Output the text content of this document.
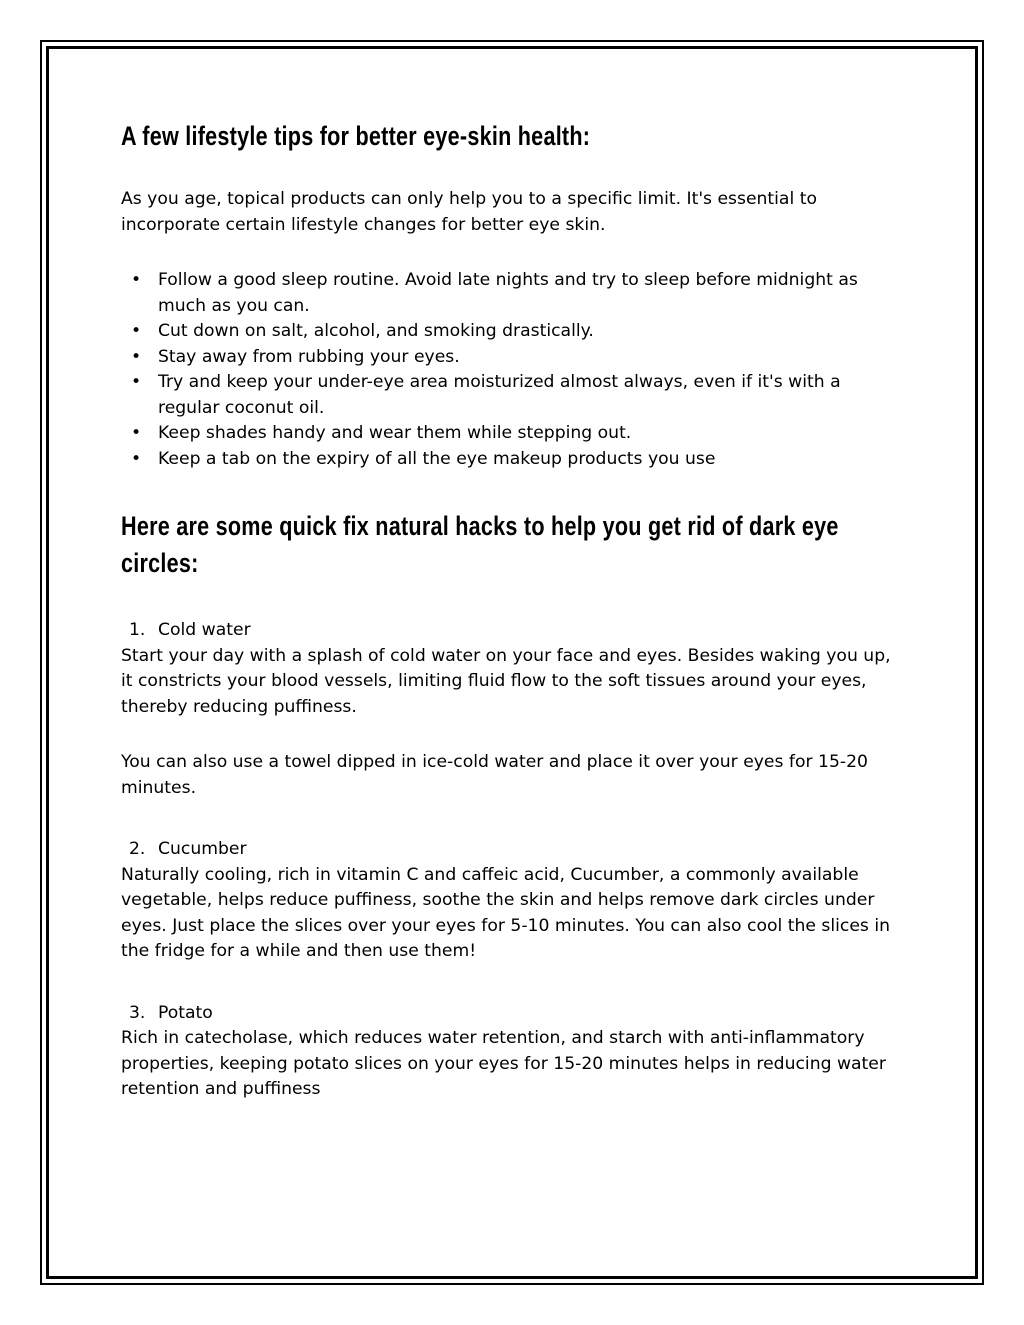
A few lifestyle tips for better eye-skin health:

As you age, topical products can only help you to a specific limit. It's essential to incorporate certain lifestyle changes for better eye skin.

• Follow a good sleep routine. Avoid late nights and try to sleep before midnight as much as you can.
• Cut down on salt, alcohol, and smoking drastically.
• Stay away from rubbing your eyes.
• Try and keep your under-eye area moisturized almost always, even if it's with a regular coconut oil.
• Keep shades handy and wear them while stepping out.
• Keep a tab on the expiry of all the eye makeup products you use
Here are some quick fix natural hacks to help you get rid of dark eye circles:

1. Cold water

Start your day with a splash of cold water on your face and eyes. Besides waking you up, it constricts your blood vessels, limiting fluid flow to the soft tissues around your eyes, thereby reducing puffiness.

You can also use a towel dipped in ice-cold water and place it over your eyes for 15-20 minutes.

2. Cucumber

Naturally cooling, rich in vitamin C and caffeic acid, Cucumber, a commonly available vegetable, helps reduce puffiness, soothe the skin and helps remove dark circles under eyes. Just place the slices over your eyes for 5-10 minutes. You can also cool the slices in the fridge for a while and then use them!

3. Potato

Rich in catecholase, which reduces water retention, and starch with anti-inflammatory properties, keeping potato slices on your eyes for 15-20 minutes helps in reducing water retention and puffiness
